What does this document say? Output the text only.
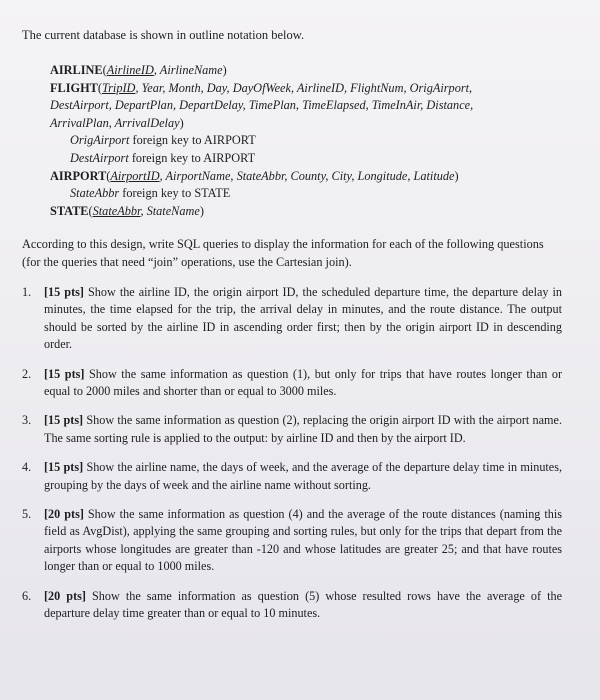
The current database is shown in outline notation below.
AIRLINE(AirlineID, AirlineName)
FLIGHT(TripID, Year, Month, Day, DayOfWeek, AirlineID, FlightNum, OrigAirport,
DestAirport, DepartPlan, DepartDelay, TimePlan, TimeElapsed, TimeInAir, Distance,
ArrivalPlan, ArrivalDelay)
OrigAirport foreign key to AIRPORT
DestAirport foreign key to AIRPORT
AIRPORT(AirportID, AirportName, StateAbbr, County, City, Longitude, Latitude)
StateAbbr foreign key to STATE
STATE(StateAbbr, StateName)
According to this design, write SQL queries to display the information for each of the following questions (for the queries that need “join” operations, use the Cartesian join).
1.	[15 pts] Show the airline ID, the origin airport ID, the scheduled departure time, the departure delay in minutes, the time elapsed for the trip, the arrival delay in minutes, and the route distance. The output should be sorted by the airline ID in ascending order first; then by the origin airport ID in descending order.
2.	[15 pts] Show the same information as question (1), but only for trips that have routes longer than or equal to 2000 miles and shorter than or equal to 3000 miles.
3.	[15 pts] Show the same information as question (2), replacing the origin airport ID with the airport name. The same sorting rule is applied to the output: by airline ID and then by the airport ID.
4.	[15 pts] Show the airline name, the days of week, and the average of the departure delay time in minutes, grouping by the days of week and the airline name without sorting.
5.	[20 pts] Show the same information as question (4) and the average of the route distances (naming this field as AvgDist), applying the same grouping and sorting rules, but only for the trips that depart from the airports whose longitudes are greater than -120 and whose latitudes are greater 25; and that have routes longer than or equal to 1000 miles.
6.	[20 pts] Show the same information as question (5) whose resulted rows have the average of the departure delay time greater than or equal to 10 minutes.
